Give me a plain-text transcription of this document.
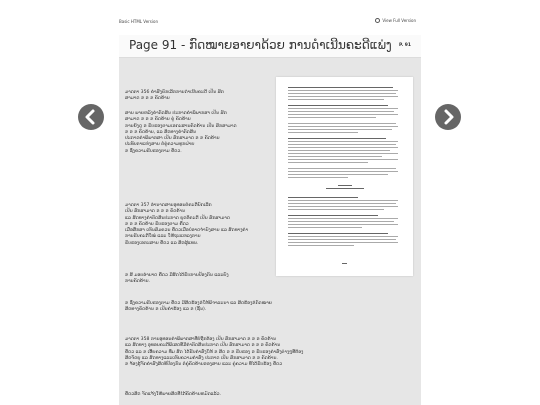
Basic HTML Version	View Full Version
Page 91 - ກົດໝາຍອາຍາດ້ວຍ ການດຳເນີນຄະດີແພ່ງ P. 91
ມາດຕາ 356 ຄຳສັ່ງຍົກເລີກການດຳເນີນຄະດີ ເປັນ ສັກ
ສາມາດ ຂ ຂ ຂ ຄັດຄ້ານ
ສານ ພາຍຫລັງຄຳຕັດສິນ ປະກາດຄຳພິພາກສາ ເປັນ ສັກ
ສາມາດ ຂ ຂ ຂ ຄັດຄ້ານ ຄູ່ ຄັດຄ້ານ
ການຍິງດູ ຂ ຮັບຮອງຕາມເອກະສານຄັດຄ້ານ ເປັນ ສັກສາມາດ
ຂ ຂ ຂ ຄັດຄ້ານ, ແລ ສິດທາງຄຳຕັດສິນ
ປະກາດຄຳພິພາກສາ ເປັນ ສັກສາມາດ ຂ ຂ ຄັດຄ້ານ
ປະທັບຕາແຫ່ງສານ ຕໍ່ຄູ່ຄວາມທຸກຝ່າຍ
ຂ ຊຶ່ງຄວາມຮັບຮອງຕາມ ຄືດວ.
ມາດຕາ 357 ອຳນາດສານອຸທອນຕໍ່ຄະດີຍົກເລີກ
ເປັນ ສັກສາມາດ ຂ ຂ ຂ ຄັດຄ້ານ
ແລ ສິດທາງຄຳຕັດສິນປະກາດ ຍຸດຕິຄະດີ ເປັນ ສັກສາມາດ
ຂ ຂ ຂ ຄັດຄ້ານ ຮັບຮອງຕາມ ຄືດວ
ເມື່ອສຶກສາ ເຫັນສົມຄວນ ຄືດວເມື່ອບໍ່ອາດຈຳນົງສານ ແລ ສິດທາງຄຳ
ການຮັບຄະດີໃໝ່ ແລະ ໃຫ້ຖະແຫລງການ
ຮັບຮອງເອກະສານ ຄືດວ ແລ ສິດຜູ້ແທນ.
ຂ ສິ ມອບອຳນາດ ຄືດວ ມີສິດໄດ້ຮັບການປ້ອງກັນ ແລະຍັງ
ການຄັດຄ້ານ.
ຂ ຊຶ່ງຄວາມຮັບຮອງຕາມ ຄືດວ ມີສິດຮ້ອງຂໍໃຫ້ພິຈາລະນາ ແລ ສິດຮ້ອງຂໍກົດໝາຍ
ສິດທາງຄັດຄ້ານ ຂ ເປັນຄຳຮ້ອງ ແລ ຂ (ຊັ້ນ).
ມາດຕາ 358 ການອຸທອນຄຳພິພາກສາທີ່ບໍ່ຖືກຕ້ອງ ເປັນ ສັກສາມາດ ຂ ຂ ຂ ຄັດຄ້ານ
ແລ ສິດທາງ ອຸທອນຄະດີພິເສດທີ່ມີຄຳຕັດສິນປະກາດ ເປັນ ສັກສາມາດ ຂ ຂ ຂ ຄັດຄ້ານ
ຄືດວ ແລ ຂ ເອີ້ຍຄວາມ ທີ່ມ ສິດ ໄດ້ຮັບຄຳສັ່ງໃຫ້ ຂ ສິດ ຂ ຂ ຮັບຮອງ ຂ ຮັບຮອງຄຳສັ່ງຕ່າງໆທີ່ຕ້ອງ
ສິດຈັດຍຸ ແລ ສິດທາງແລະເຫັນຄວາມຄຳສັ່ງ ປະກາດ ເປັນ ສັກສາມາດ ຂ ຂ ຄັດຄ້ານ.
ຂ ຈ້ອງຮູ້ຈັກຄຳສັ່ງສິດທິປ້ອງກັນ ຕໍ່ຄູ່ຄັດຄ້ານຂອງສານ ແລະ ຄູ່ຄວາມ ທີ່ໄດ້ຮັບຮ້ອງ ຄືດວ
ຄືດວສິດ ຈັດແຈ້ງໃຫ້ພາຍສິດທີ່ໄດ້ຄັດຄ້ານຫມົດແລ້ວ.
